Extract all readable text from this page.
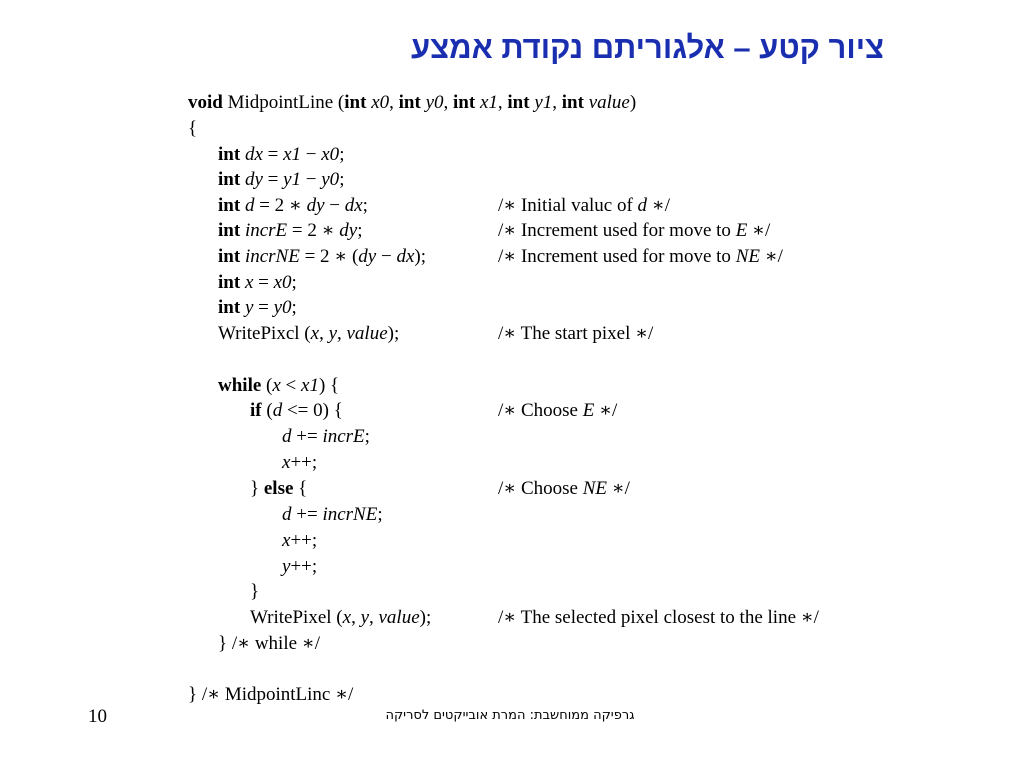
ציור קטע – אלגוריתם נקודת אמצע
void MidpointLine (int x0, int y0, int x1, int y1, int value)
{
int dx = x1 − x0;
int dy = y1 − y0;
int d = 2 ∗ dy − dx;	/∗ Initial valuc of d ∗/
int incrE = 2 ∗ dy;	/∗ Increment used for move to E ∗/
int incrNE = 2 ∗ (dy − dx);	/∗ Increment used for move to NE ∗/
int x = x0;
int y = y0;
WritePixcl (x, y, value);	/∗ The start pixel ∗/
while (x < x1) {
if (d <= 0) {	/∗ Choose E ∗/
d += incrE;
x++;
} else {	/∗ Choose NE ∗/
d += incrNE;
x++;
y++;
}
WritePixel (x, y, value);	/∗ The selected pixel closest to the line ∗/
} /∗ while ∗/
} /∗ MidpointLinc ∗/
10	גרפיקה ממוחשבת: המרת אובייקטים לסריקה
